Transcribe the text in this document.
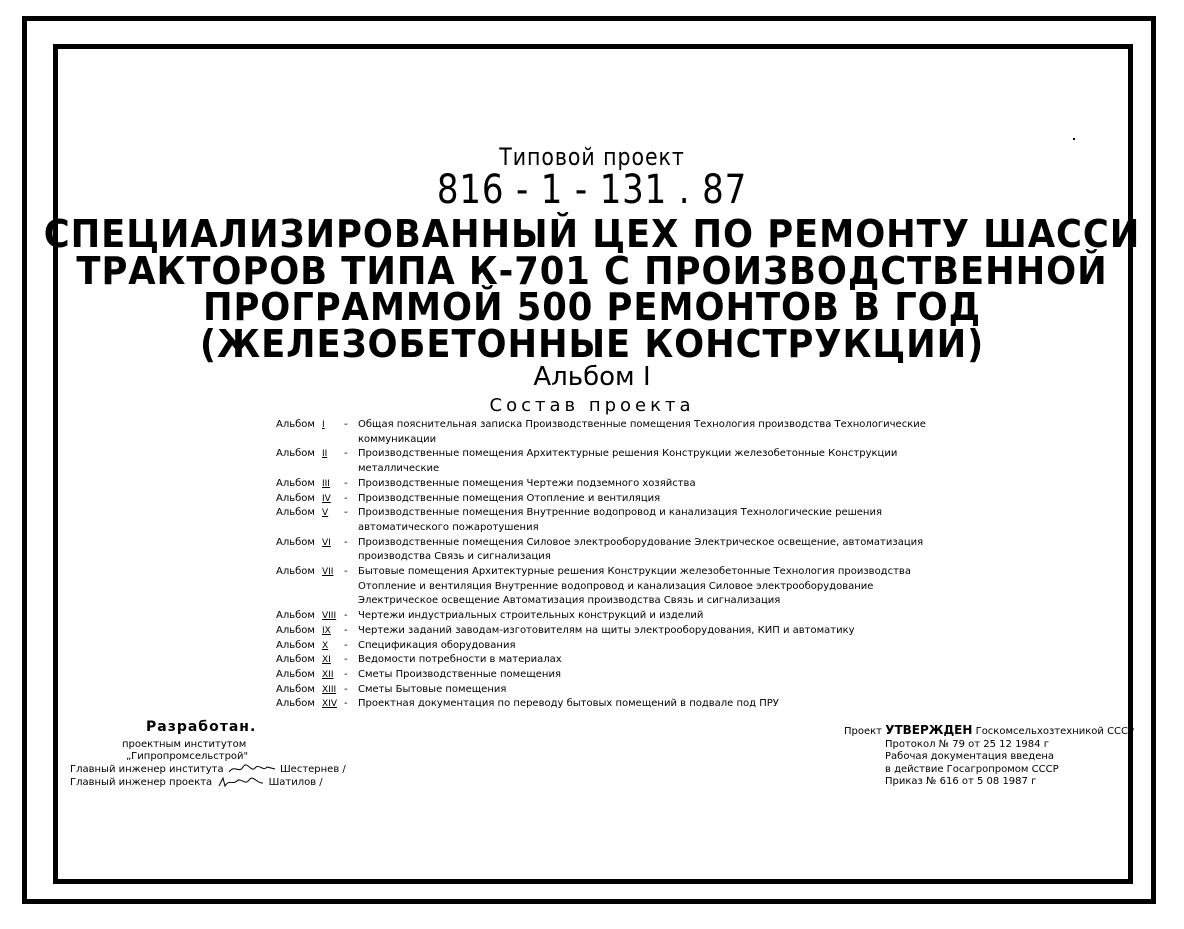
Типовой проект
816 - 1 - 131 . 87
СПЕЦИАЛИЗИРОВАННЫЙ ЦЕХ ПО РЕМОНТУ ШАССИ
ТРАКТОРОВ ТИПА К-701 С ПРОИЗВОДСТВЕННОЙ
ПРОГРАММОЙ 500 РЕМОНТОВ В ГОД
(ЖЕЛЕЗОБЕТОННЫЕ КОНСТРУКЦИИ)
Альбом I
Состав проекта
Альбом I	-	Общая пояснительная записка Производственные помещения Технология производства Технологические
коммуникации
Альбом II	-	Производственные помещения Архитектурные решения Конструкции железобетонные Конструкции
металлические
Альбом III	-	Производственные помещения Чертежи подземного хозяйства
Альбом IV	-	Производственные помещения Отопление и вентиляция
Альбом V	-	Производственные помещения Внутренние водопровод и канализация Технологические решения
автоматического пожаротушения
Альбом VI	-	Производственные помещения Силовое электрооборудование Электрическое освещение, автоматизация
производства Связь и сигнализация
Альбом VII	-	Бытовые помещения Архитектурные решения Конструкции железобетонные Технология производства
Отопление и вентиляция Внутренние водопровод и канализация Силовое электрооборудование
Электрическое освещение Автоматизация производства Связь и сигнализация
Альбом VIII -	Чертежи индустриальных строительных конструкций и изделий
Альбом IX	-	Чертежи заданий заводам-изготовителям на щиты электрооборудования, КИП и автоматику
Альбом X	-	Спецификация оборудования
Альбом XI	-	Ведомости потребности в материалах
Альбом XII	-	Сметы Производственные помещения
Альбом XIII -	Сметы Бытовые помещения
Альбом XIV -	Проектная документация по переводу бытовых помещений в подвале под ПРУ
Разработан.
проектным институтом
„Гипропромсельстрой"
Главный инженер института	Шестернев /
Главный инженер проекта	Шатилов /
Проект УТВЕРЖДЕН Госкомсельхозтехникой СССР
Протокол № 79 от 25 12 1984 г
Рабочая документация введена
в действие Госагропромом СССР
Приказ № 616 от 5 08 1987 г
